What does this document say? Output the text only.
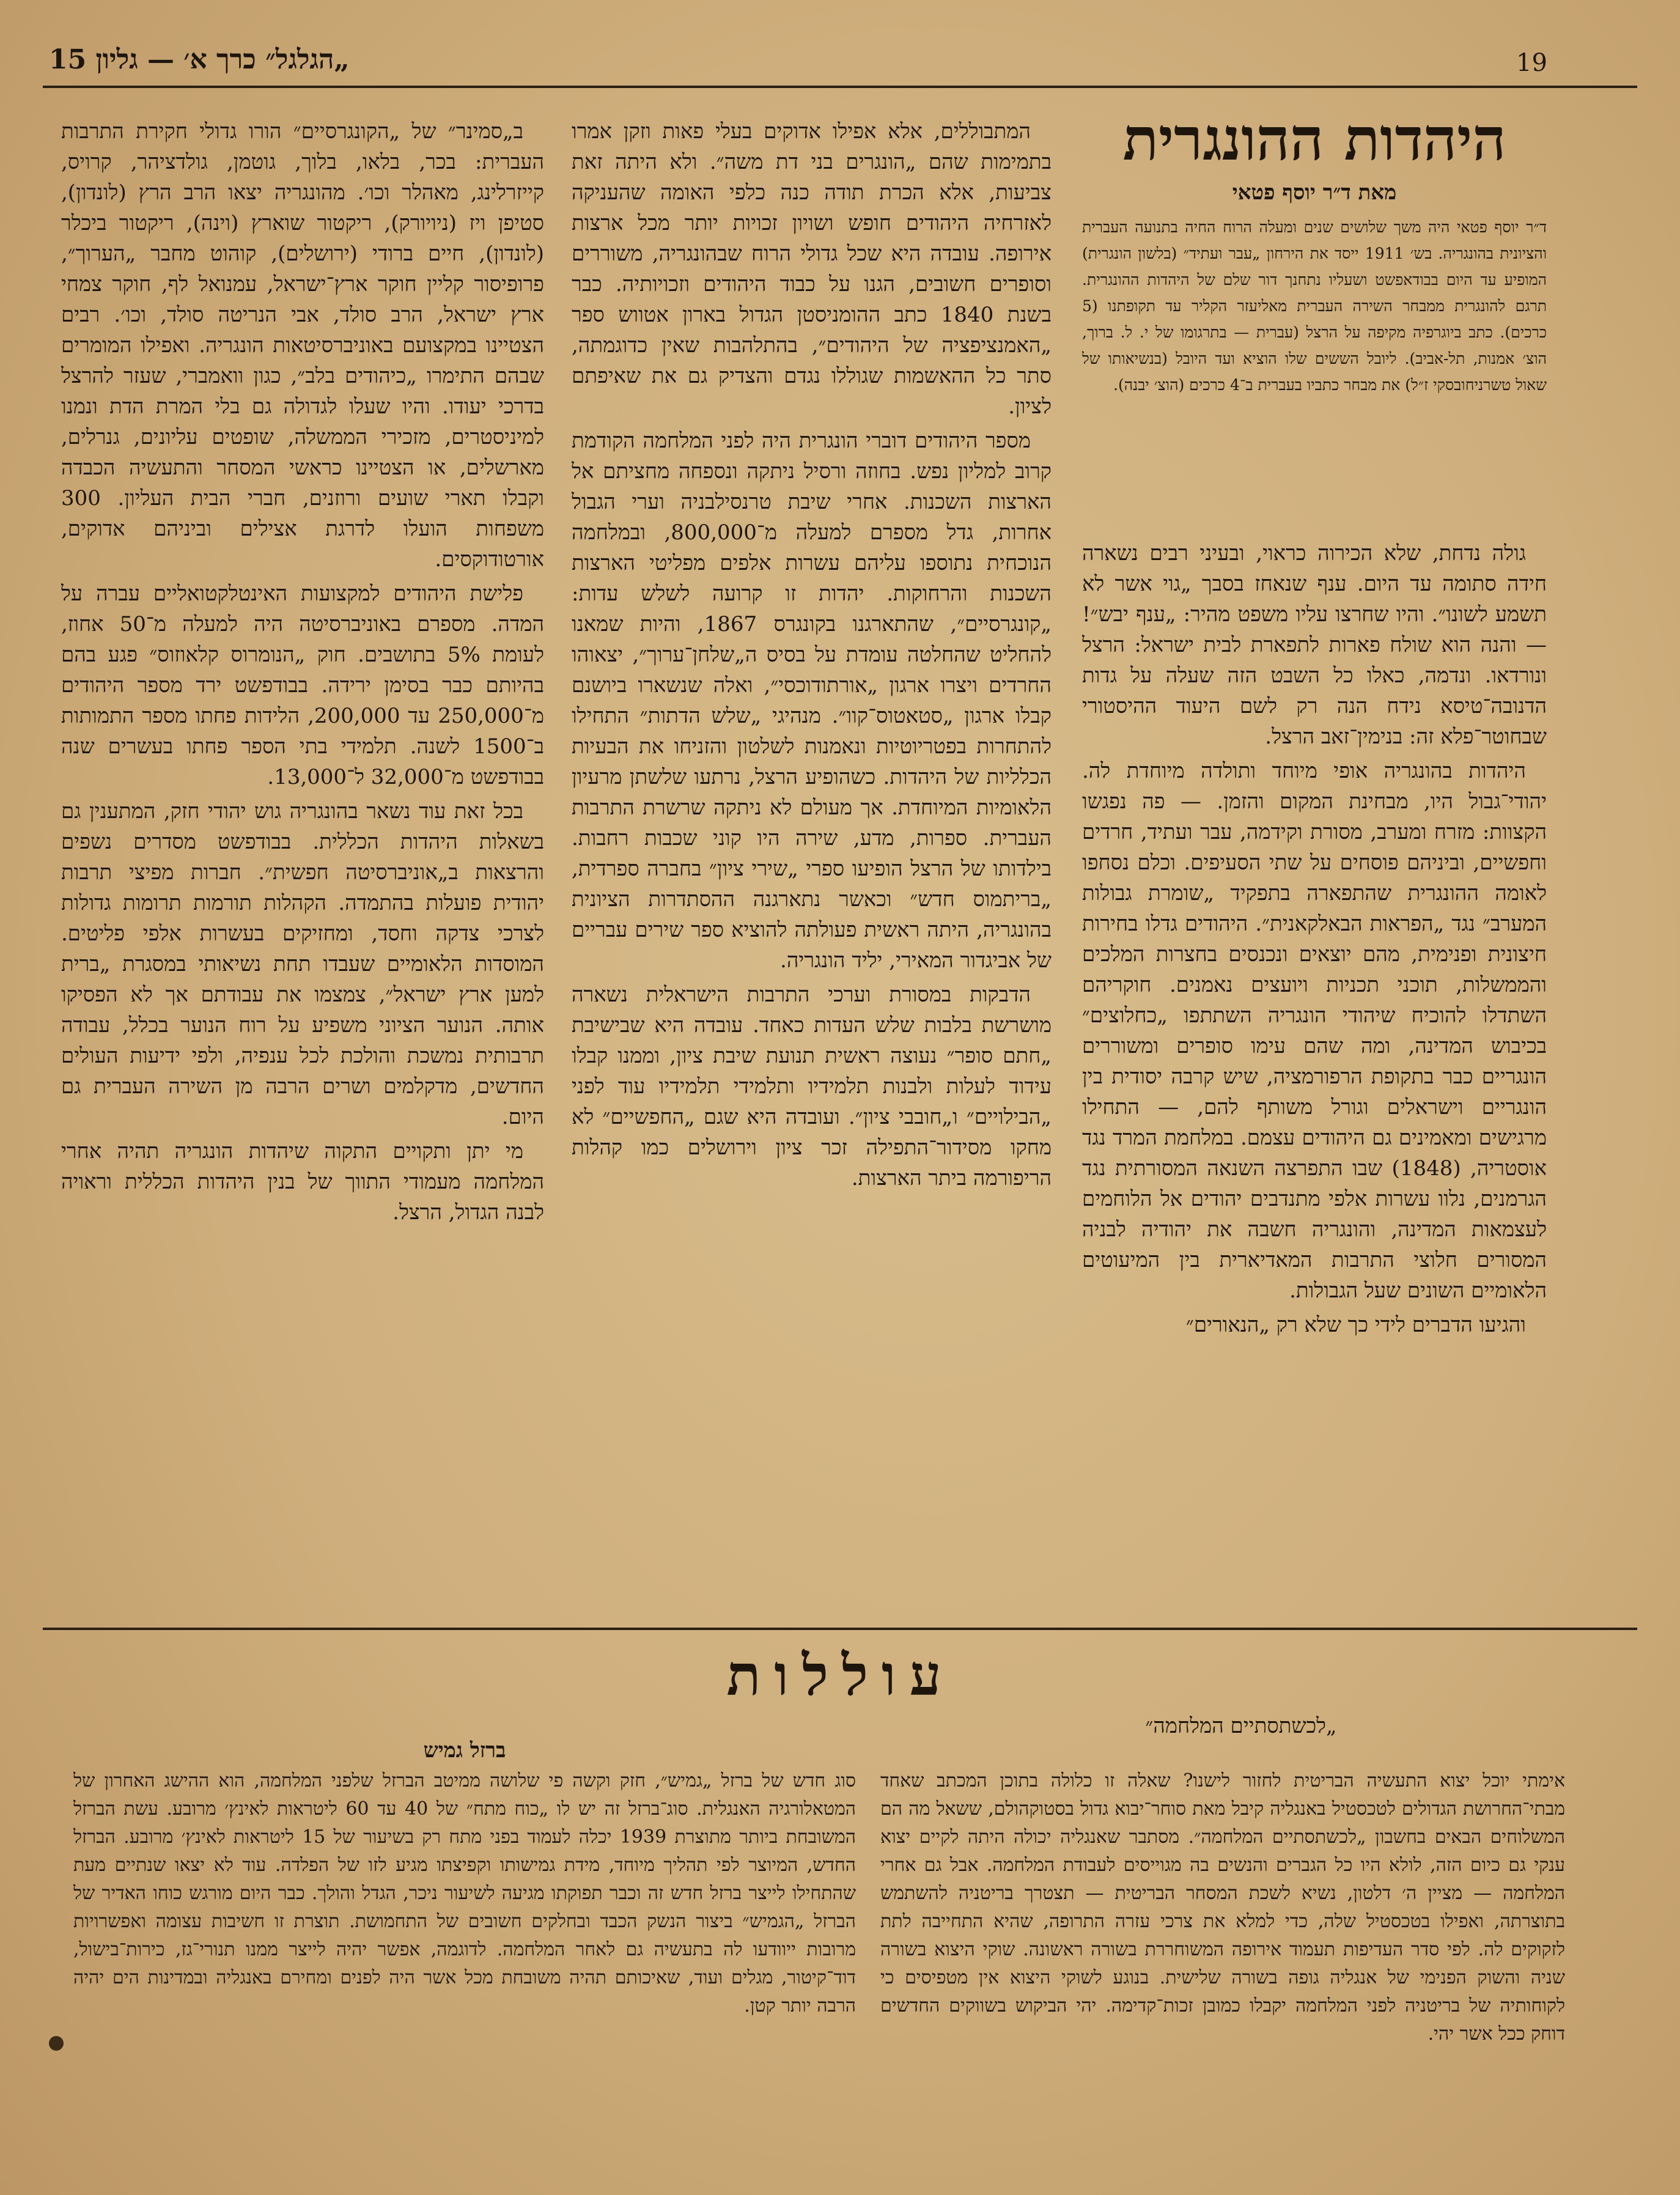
19
„הגלגל״ כרך א׳ — גליון 15
היהדות ההונגרית
מאת ד״ר יוסף פטאי
ד״ר יוסף פטאי היה משך שלושים שנים ומעלה הרוח החיה בתנועה העברית והציונית בהונגריה. בש׳ 1911 ייסד את הירחון „עבר ועתיד״ (בלשון הונגרית) המופיע עד היום בבודאפשט ושעליו נתחנך דור שלם של היהדות ההונגרית. תרגם להונגרית ממבחר השירה העברית מאליעזר הקליר עד תקופתנו (5 כרכים). כתב ביוגרפיה מקיפה על הרצל (עברית — בתרגומו של י. ל. ברוך, הוצ׳ אמנות, תל-אביב). ליובל הששים שלו הוציא ועד היובל (בנשיאותו של שאול טשרניחובסקי ז״ל) את מבחר כתביו בעברית ב־4 כרכים (הוצ׳ יבנה).

גולה נדחת, שלא הכירוה כראוי, ובעיני רבים נשארה חידה סתומה עד היום. ענף שנאחז בסבך „גוי אשר לא תשמע לשונו״. והיו שחרצו עליו משפט מהיר: „ענף יבש״! — והנה הוא שולח פארות לתפארת לבית ישראל: הרצל ונורדאו. ונדמה, כאלו כל השבט הזה שעלה על גדות הדנובה־טיסא נידח הנה רק לשם היעוד ההיסטורי שבחוטר־פלא זה: בנימין־זאב הרצל.

היהדות בהונגריה אופי מיוחד ותולדה מיוחדת לה. יהודי־גבול היו, מבחינת המקום והזמן. — פה נפגשו הקצוות: מזרח ומערב, מסורת וקידמה, עבר ועתיד, חרדים וחפשיים, וביניהם פוסחים על שתי הסעיפים. וכלם נסחפו לאומה ההונגרית שהתפארה בתפקיד „שומרת גבולות המערב״ נגד „הפראות הבאלקאנית״. היהודים גדלו בחירות חיצונית ופנימית, מהם יוצאים ונכנסים בחצרות המלכים והממשלות, תוכני תכניות ויועצים נאמנים. חוקריהם השתדלו להוכיח שיהודי הונגריה השתתפו „כחלוצים״ בכיבוש המדינה, ומה שהם עימו סופרים ומשוררים הונגריים כבר בתקופת הרפורמציה, שיש קרבה יסודית בין הונגריים וישראלים וגורל משותף להם, — התחילו מרגישים ומאמינים גם היהודים עצמם. במלחמת המרד נגד אוסטריה, (1848) שבו התפרצה השנאה המסורתית נגד הגרמנים, נלוו עשרות אלפי מתנדבים יהודים אל הלוחמים לעצמאות המדינה, והונגריה חשבה את יהודיה לבניה המסורים חלוצי התרבות המאדיארית בין המיעוטים הלאומיים השונים שעל הגבולות.

והגיעו הדברים לידי כך שלא רק „הנאורים״

המתבוללים, אלא אפילו אדוקים בעלי פאות וזקן אמרו בתמימות שהם „הונגרים בני דת משה״. ולא היתה זאת צביעות, אלא הכרת תודה כנה כלפי האומה שהעניקה לאזרחיה היהודים חופש ושויון זכויות יותר מכל ארצות אירופה. עובדה היא שכל גדולי הרוח שבהונגריה, משוררים וסופרים חשובים, הגנו על כבוד היהודים וזכויותיה. כבר בשנת 1840 כתב ההומניסטן הגדול בארון אטווש ספר „האמנציפציה של היהודים״, בהתלהבות שאין כדוגמתה, סתר כל ההאשמות שגוללו נגדם והצדיק גם את שאיפתם לציון.

מספר היהודים דוברי הונגרית היה לפני המלחמה הקודמת קרוב למליון נפש. בחוזה ורסיל ניתקה ונספחה מחציתם אל הארצות השכנות. אחרי שיבת טרנסילבניה וערי הגבול אחרות, גדל מספרם למעלה מ־800,000, ובמלחמה הנוכחית נתוספו עליהם עשרות אלפים מפליטי הארצות השכנות והרחוקות. יהדות זו קרועה לשלש עדות: „קונגרסיים״, שהתארגנו בקונגרס 1867, והיות שמאנו להחליט שהחלטה עומדת על בסיס ה„שלחן־ערוך״, יצאוהו החרדים ויצרו ארגון „אורתודוכסי״, ואלה שנשארו ביושנם קבלו ארגון „סטאטוס־קוו״. מנהיגי „שלש הדתות״ התחילו להתחרות בפטריוטיות ונאמנות לשלטון והזניחו את הבעיות הכלליות של היהדות. כשהופיע הרצל, נרתעו שלשתן מרעיון הלאומיות המיוחדת. אך מעולם לא ניתקה שרשרת התרבות העברית. ספרות, מדע, שירה היו קוני שכבות רחבות. בילדותו של הרצל הופיעו ספרי „שירי ציון״ בחברה ספרדית, „בריתמוס חדש״ וכאשר נתארגנה ההסתדרות הציונית בהונגריה, היתה ראשית פעולתה להוציא ספר שירים עבריים של אביגדור המאירי, יליד הונגריה.

הדבקות במסורת וערכי התרבות הישראלית נשארה מושרשת בלבות שלש העדות כאחד. עובדה היא שבישיבת „חתם סופר״ נעוצה ראשית תנועת שיבת ציון, וממנו קבלו עידוד לעלות ולבנות תלמידיו ותלמידי תלמידיו עוד לפני „הבילויים״ ו„חובבי ציון״. ועובדה היא שגם „החפשיים״ לא מחקו מסידור־התפילה זכר ציון וירושלים כמו קהלות הריפורמה ביתר הארצות.

ב„סמינר״ של „הקונגרסיים״ הורו גדולי חקירת התרבות העברית: בכר, בלאו, בלוך, גוטמן, גולדציהר, קרויס, קייזרלינג, מאהלר וכו׳. מהונגריה יצאו הרב הרץ (לונדון), סטיפן ויז (ניויורק), ריקטור שוארץ (וינה), ריקטור ביכלר (לונדון), חיים ברודי (ירושלים), קוהוט מחבר „הערוך״, פרופיסור קליין חוקר ארץ־ישראל, עמנואל לף, חוקר צמחי ארץ ישראל, הרב סולד, אבי הנריטה סולד, וכו׳. רבים הצטיינו במקצועם באוניברסיטאות הונגריה. ואפילו המומרים שבהם התימרו „כיהודים בלב״, כגון וואמברי, שעזר להרצל בדרכי יעודו. והיו שעלו לגדולה גם בלי המרת הדת ונמנו למיניסטרים, מזכירי הממשלה, שופטים עליונים, גנרלים, מארשלים, או הצטיינו כראשי המסחר והתעשיה הכבדה וקבלו תארי שועים ורוזנים, חברי הבית העליון. 300 משפחות הועלו לדרגת אצילים וביניהם אדוקים, אורטודוקסים.

פלישת היהודים למקצועות האינטלקטואליים עברה על המדה. מספרם באוניברסיטה היה למעלה מ־50 אחוז, לעומת 5% בתושבים. חוק „הנומרוס קלאוזוס״ פגע בהם בהיותם כבר בסימן ירידה. בבודפשט ירד מספר היהודים מ־250,000 עד 200,000, הלידות פחתו מספר התמותות ב־1500 לשנה. תלמידי בתי הספר פחתו בעשרים שנה בבודפשט מ־32,000 ל־13,000.

בכל זאת עוד נשאר בהונגריה גוש יהודי חזק, המתענין גם בשאלות היהדות הכללית. בבודפשט מסדרים נשפים והרצאות ב„אוניברסיטה חפשית״. חברות מפיצי תרבות יהודית פועלות בהתמדה. הקהלות תורמות תרומות גדולות לצרכי צדקה וחסד, ומחזיקים בעשרות אלפי פליטים. המוסדות הלאומיים שעבדו תחת נשיאותי במסגרת „ברית למען ארץ ישראל״, צמצמו את עבודתם אך לא הפסיקו אותה. הנוער הציוני משפיע על רוח הנוער בכלל, עבודה תרבותית נמשכת והולכת לכל ענפיה, ולפי ידיעות העולים החדשים, מדקלמים ושרים הרבה מן השירה העברית גם היום.

מי יתן ותקויים התקוה שיהדות הונגריה תהיה אחרי המלחמה מעמודי התווך של בנין היהדות הכללית וראויה לבנה הגדול, הרצל.

עוללות
„לכשתסתיים המלחמה״
ברזל גמיש

אימתי יוכל יצוא התעשיה הבריטית לחזור לישנו? שאלה זו כלולה בתוכן המכתב שאחד מבתי־החרושת הגדולים לטכסטיל באנגליה קיבל מאת סוחר־יבוא גדול בסטוקהולם, ששאל מה הם המשלוחים הבאים בחשבון „לכשתסתיים המלחמה״. מסתבר שאנגליה יכולה היתה לקיים יצוא ענקי גם כיום הזה, לולא היו כל הגברים והנשים בה מגוייסים לעבודת המלחמה. אבל גם אחרי המלחמה — מציין ה׳ דלטון, נשיא לשכת המסחר הבריטית — תצטרך בריטניה להשתמש בתוצרתה, ואפילו בטכסטיל שלה, כדי למלא את צרכי עזרה התרופה, שהיא התחייבה לתת לזקוקים לה. לפי סדר העדיפות תעמוד אירופה המשוחררת בשורה ראשונה. שוקי היצוא בשורה שניה והשוק הפנימי של אנגליה גופה בשורה שלישית. בנוגע לשוקי היצוא אין מטפיסים כי לקוחותיה של בריטניה לפני המלחמה יקבלו כמובן זכות־קדימה. יהי הביקוש בשווקים החדשים דוחק ככל אשר יהי.

סוג חדש של ברזל „גמיש״, חזק וקשה פי שלושה ממיטב הברזל שלפני המלחמה, הוא ההישג האחרון של המטאלורגיה האנגלית. סוג־ברזל זה יש לו „כוח מתח״ של 40 עד 60 ליטראות לאינץ׳ מרובע. עשת הברזל המשובחת ביותר מתוצרת 1939 יכלה לעמוד בפני מתח רק בשיעור של 15 ליטראות לאינץ׳ מרובע. הברזל החדש, המיוצר לפי תהליך מיוחד, מידת גמישותו וקפיצתו מגיע לזו של הפלדה. עוד לא יצאו שנתיים מעת שהתחילו לייצר ברזל חדש זה וכבר תפוקתו מגיעה לשיעור ניכר, הגדל והולך. כבר היום מורגש כוחו האדיר של הברזל „הגמיש״ ביצור הנשק הכבד ובחלקים חשובים של התחמושת. תוצרת זו חשיבות עצומה ואפשרויות מרובות ייוודעו לה בתעשיה גם לאחר המלחמה. לדוגמה, אפשר יהיה לייצר ממנו תנורי־גז, כירות־בישול, דוד־קיטור, מגלים ועוד, שאיכותם תהיה משובחת מכל אשר היה לפנים ומחירם באנגליה ובמדינות הים יהיה הרבה יותר קטן.
